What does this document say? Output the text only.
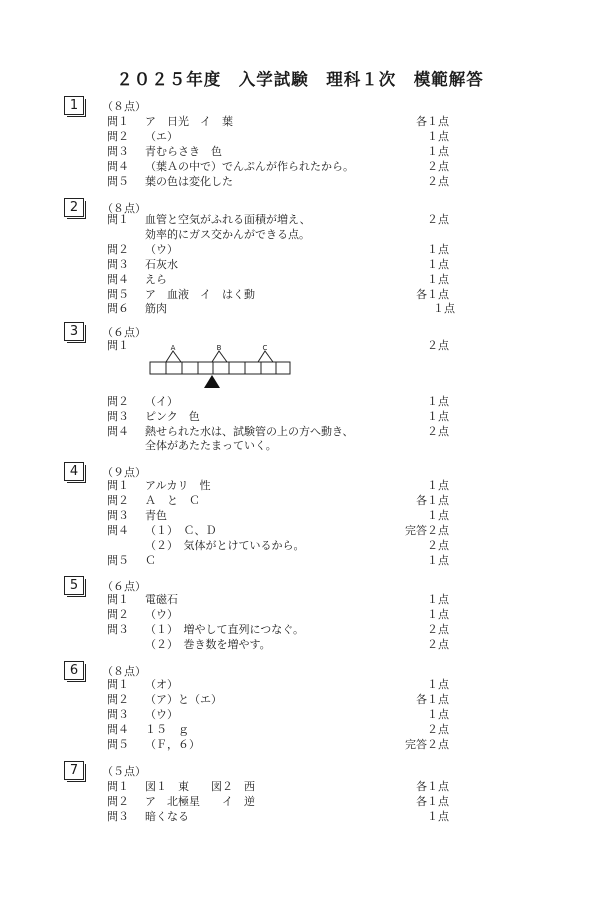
２０２５年度　入学試験　理科１次　模範解答
1	（８点）
問１ ア　日光　イ　葉	各１点
問２ （エ）	１点
問３ 青むらさき　色	１点
問４ （葉Ａの中で）でんぷんが作られたから。	２点
問５ 葉の色は変化した	２点
2	（８点）
問１ 血管と空気がふれる面積が増え、	２点
効率的にガス交かんができる点。
問２ （ウ）	１点
問３ 石灰水	１点
問４ えら	１点
問５ ア　血液　イ　はく動	各１点
問６ 筋肉	１点
3	（６点）
問１	２点
A	B	C
問２ （イ）	１点
問３ ピンク　色	１点
問４ 熱せられた水は、試験管の上の方へ動き、	２点
全体があたたまっていく。
4	（９点）
問１ アルカリ　性	１点
問２ Ａ　と　Ｃ	各１点
問３ 青色	１点
問４ （１）　Ｃ、Ｄ	完答２点
（２）　気体がとけているから。	２点
問５ Ｃ	１点
5	（６点）
問１ 電磁石	１点
問２ （ウ）	１点
問３ （１）　増やして直列につなぐ。	２点
（２）　巻き数を増やす。	２点
6	（８点）
問１ （オ）	１点
問２ （ア）と（エ）	各１点
問３ （ウ）	１点
問４ １５　ｇ	２点
問５ （Ｆ，６）	完答２点
7	（５点）
問１ 図１　東　　図２　西	各１点
問２ ア　北極星　　イ　逆	各１点
問３ 暗くなる	１点
